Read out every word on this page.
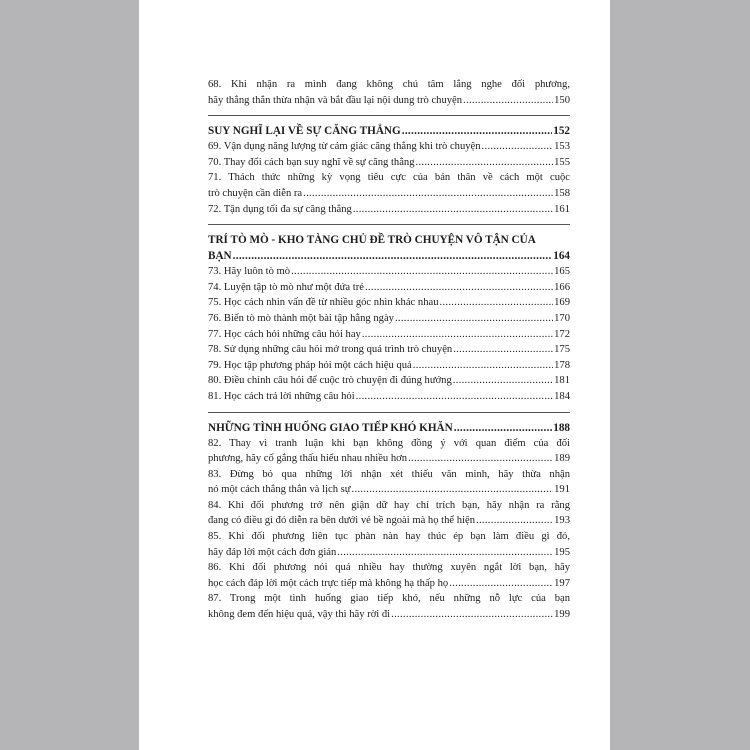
68. Khi nhận ra mình đang không chú tâm lắng nghe đối phương,
hãy thẳng thắn thừa nhận và bắt đầu lại nội dung trò chuyện .....	150
SUY NGHĨ LẠI VỀ SỰ CĂNG THẲNG .....	152
69. Vận dụng năng lượng từ cảm giác căng thẳng khi trò chuyện .....	153
70. Thay đổi cách bạn suy nghĩ về sự căng thẳng .....	155
71. Thách thức những kỳ vọng tiêu cực của bản thân về cách một cuộc
trò chuyện cần diễn ra .....	158
72. Tận dụng tối đa sự căng thẳng .....	161
TRÍ TÒ MÒ - KHO TÀNG CHỦ ĐỀ TRÒ CHUYỆN VÔ TẬN CỦA
BẠN .....	164
73. Hãy luôn tò mò .....	165
74. Luyện tập tò mò như một đứa trẻ .....	166
75. Học cách nhìn vấn đề từ nhiều góc nhìn khác nhau .....	169
76. Biến tò mò thành một bài tập hằng ngày .....	170
77. Học cách hỏi những câu hỏi hay .....	172
78. Sử dụng những câu hỏi mở trong quá trình trò chuyện .....	175
79. Học tập phương pháp hỏi một cách hiệu quả .....	178
80. Điều chỉnh câu hỏi để cuộc trò chuyện đi đúng hướng .....	181
81. Học cách trả lời những câu hỏi .....	184
NHỮNG TÌNH HUỐNG GIAO TIẾP KHÓ KHĂN .....	188
82. Thay vì tranh luận khi bạn không đồng ý với quan điểm của đối
phương, hãy cố gắng thấu hiểu nhau nhiều hơn .....	189
83. Đừng bỏ qua những lời nhận xét thiếu văn minh, hãy thừa nhận
nó một cách thẳng thắn và lịch sự .....	191
84. Khi đối phương trở nên giận dữ hay chỉ trích bạn, hãy nhận ra rằng
đang có điều gì đó diễn ra bên dưới vẻ bề ngoài mà họ thể hiện .....	193
85. Khi đối phương liên tục phàn nàn hay thúc ép bạn làm điều gì đó,
hãy đáp lời một cách đơn giản .....	195
86. Khi đối phương nói quá nhiều hay thường xuyên ngắt lời bạn, hãy
học cách đáp lời một cách trực tiếp mà không hạ thấp họ .....	197
87. Trong một tình huống giao tiếp khó, nếu những nỗ lực của bạn
không đem đến hiệu quả, vậy thì hãy rời đi .....	199
